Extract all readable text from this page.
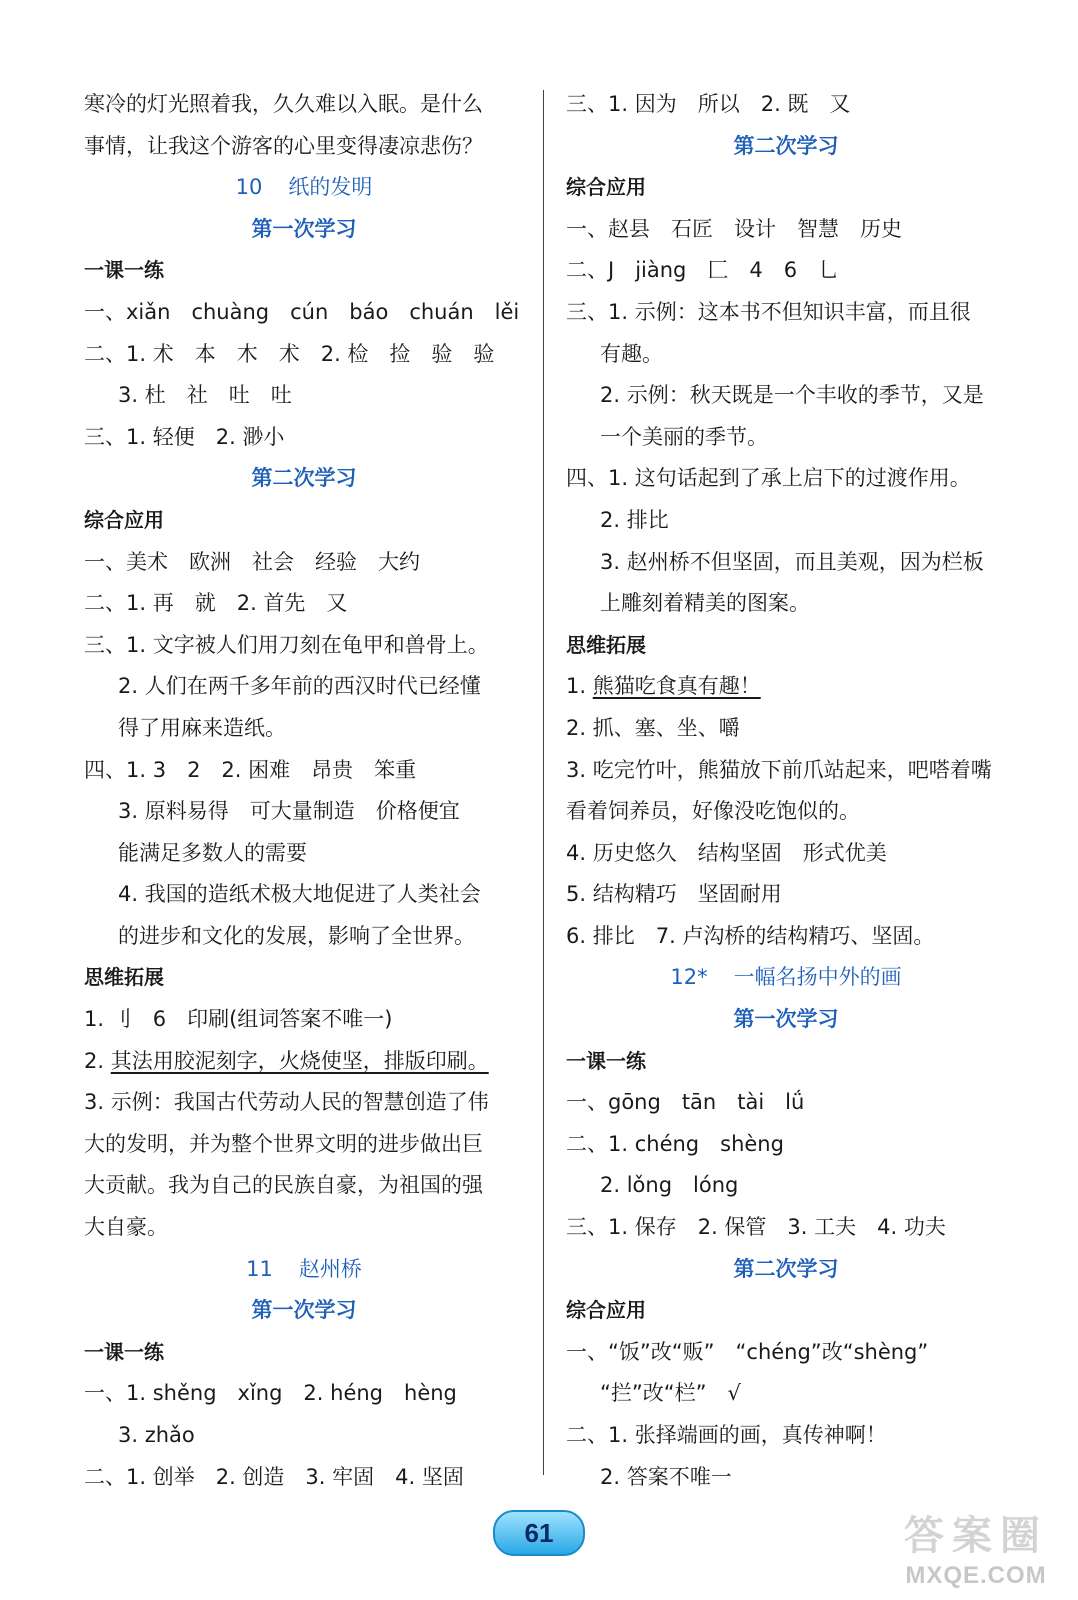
寒冷的灯光照着我，久久难以入眠。是什么
事情，让我这个游客的心里变得凄凉悲伤？
10 纸的发明
第一次学习
一课一练
一、xiǎn　chuàng　cún　báo　chuán　lěi
二、1. 术　本　木　术　2. 检　捡　验　验
3. 杜　社　吐　吐
三、1. 轻便　2. 渺小
第二次学习
综合应用
一、美术　欧洲　社会　经验　大约
二、1. 再　就　2. 首先　又
三、1. 文字被人们用刀刻在龟甲和兽骨上。
2. 人们在两千多年前的西汉时代已经懂
得了用麻来造纸。
四、1. 3　2　2. 困难　昂贵　笨重
3. 原料易得　可大量制造　价格便宜
能满足多数人的需要
4. 我国的造纸术极大地促进了人类社会
的进步和文化的发展，影响了全世界。
思维拓展
1. 刂　6　印刷(组词答案不唯一)
2. 其法用胶泥刻字，火烧使坚，排版印刷。
3. 示例：我国古代劳动人民的智慧创造了伟
大的发明，并为整个世界文明的进步做出巨
大贡献。我为自己的民族自豪，为祖国的强
大自豪。
11 赵州桥
第一次学习
一课一练
一、1. shěng　xǐng　2. héng　hèng
3. zhǎo
二、1. 创举　2. 创造　3. 牢固　4. 坚固
三、1. 因为　所以　2. 既　又
第二次学习
综合应用
一、赵县　石匠　设计　智慧　历史
二、J　jiàng　匚　4　6　乚
三、1. 示例：这本书不但知识丰富，而且很
有趣。
2. 示例：秋天既是一个丰收的季节，又是
一个美丽的季节。
四、1. 这句话起到了承上启下的过渡作用。
2. 排比
3. 赵州桥不但坚固，而且美观，因为栏板
上雕刻着精美的图案。
思维拓展
1. 熊猫吃食真有趣！
2. 抓、塞、坐、嚼
3. 吃完竹叶，熊猫放下前爪站起来，吧嗒着嘴
看着饲养员，好像没吃饱似的。
4. 历史悠久　结构坚固　形式优美
5. 结构精巧　坚固耐用
6. 排比　7. 卢沟桥的结构精巧、坚固。
12* 一幅名扬中外的画
第一次学习
一课一练
一、gōng　tān　tài　lǘ
二、1. chéng　shèng
2. lǒng　lóng
三、1. 保存　2. 保管　3. 工夫　4. 功夫
第二次学习
综合应用
一、“饭”改“贩”　“chéng”改“shèng”
“拦”改“栏”　√
二、1. 张择端画的画，真传神啊！
2. 答案不唯一
61	答案圈
MXQE.COM
